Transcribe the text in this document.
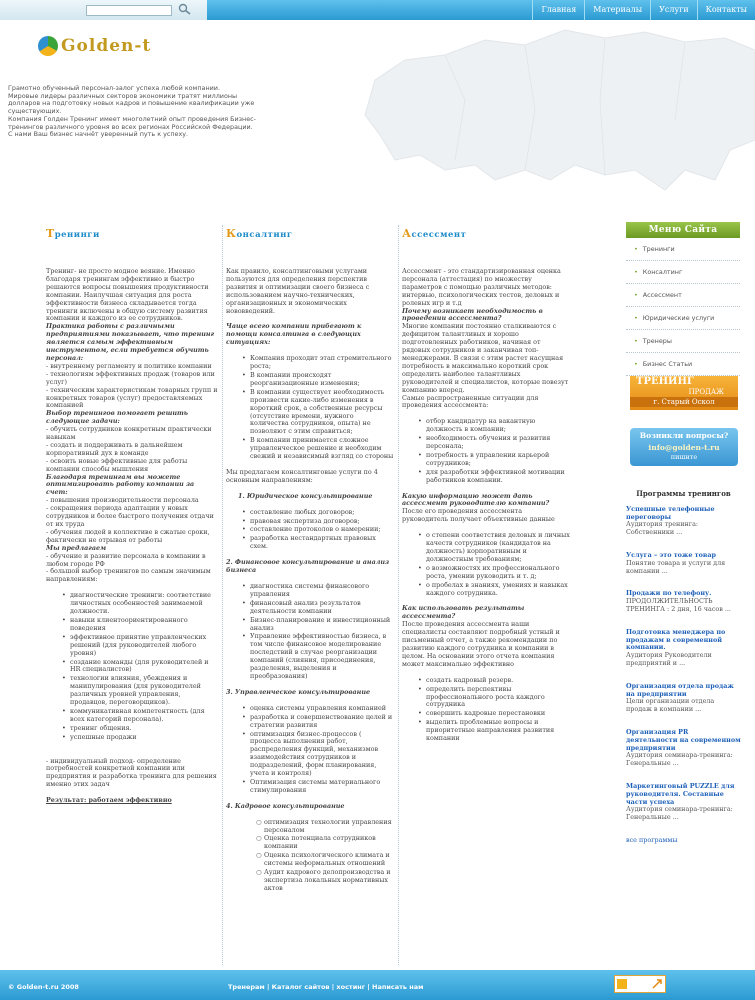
Главная	Материалы	Услуги	Контакты
Golden-t

Грамотно обученный персонал-залог успеха любой компании.

Мировые лидеры различных секторов экономики тратят миллионы долларов на подготовку новых кадров и повышение квалификации уже существующих.

Компания Голден Тренинг имеет многолетний опыт проведения Бизнес-тренингов различного уровня во всех регионах Российской Федерации. С нами Ваш бизнес начнёт уверенный путь к успеху.

Тренинги

Тренинг- не просто модное веяние. Именно благодаря тренингам эффективно и быстро решаются вопросы повышения продуктивности компании. Наилучшая ситуация для роста эффективности бизнеса складывается тогда тренинги включены в общую систему развития компании и каждого из ее сотрудников.

Практика работы с различными предприятиями показывает, что тренинг является самым эффективным инструментом, если требуется обучить персонал:

- внутреннему регламенту и политике компании

- технологиям эффективных продаж (товаров или услуг)

- техническим характеристикам товарных групп и конкретных товаров (услуг) предоставляемых компанией

Выбор тренингов помогает решить следующие задачи:

- обучить сотрудников конкретным практически навыкам

- создать и поддерживать в дальнейшем корпоративный дух в команде

- освоить новые эффективные для работы компании способы мышления

Благодаря тренингам вы можете оптимизировать работу компании за счет:

- повышения производительности персонала

- сокращения периода адаптации у новых сотрудников и более быстрого получения отдачи от их труда

- обучения людей в коллективе в сжатые сроки, фактически не отрывая от работы

Мы предлагаем

- обучение и развитие персонала в компании в любом городе РФ

- большой выбор тренингов по самым значимым направлениям:

• диагностические тренинги: соответствие личностных особенностей занимаемой должности.
• навыки клиентоориентированного поведения
• эффективное принятие управленческих решений (для руководителей любого уровня)
• создание команды (для руководителей и HR специалистов)
• технологии влияния, убеждения и манипулирования (для руководителей различных уровней управления, продавцов, переговорщиков).
• коммуникативная компетентность (для всех категорий персонала).
• тренинг общения.
• успешные продажи

- индивидуальный подход- определение потребностей конкретной компании или предприятия и разработка тренинга для решения именно этих задач

Результат: работаем эффективно

Консалтинг

Как правило, консалтинговыми услугами пользуются для определения перспектив развития и оптимизации своего бизнеса с использованием научно-технических, организационных и экономических нововведений.

Чаще всего компании прибегают к помощи консалтинга в следующих ситуациях:

• Компания проходит этап стремительного роста;
• В компании происходят реорганизационные изменения;
• В компании существует необходимость произвести какие-либо изменения в короткий срок, а собственные ресурсы (отсутствие времени, нужного количества сотрудников, опыта) не позволяют с этим справиться;
• В компании принимается сложное управленческое решение и необходим свежий и независимый взгляд со стороны

Мы предлагаем консалтинговые услуги по 4 основным направлениям:

1. Юридическое консультирование

• составление любых договоров;
• правовая экспертиза договоров;
• составление протоколов о намерении;
• разработка нестандартных правовых схем.

2. Финансовое консультирование и анализ бизнеса

• диагностика системы финансового управления
• финансовый анализ результатов деятельности компании
• Бизнес-планирование и инвестиционный анализ
• Управление эффективностью бизнеса, в том числе финансовое моделирование последствий в случае реорганизации компаний (слияния, присоединения, разделения, выделения и преобразования)

3. Управленческое консультирование

• оценка системы управления компанией
• разработка и совершенствование целей и стратегии развития
• оптимизация бизнес-процессов ( процесса выполнения работ, распределения функций, механизмов взаимодействия сотрудников и подразделений, форм планирования, учета и контроля)
• Оптимизация системы материального стимулирования

4. Кадровое консультирование

○ оптимизация технологии управления персоналом
○ Оценка потенциала сотрудников компании
○ Оценка психологического климата и системы неформальных отношений
○ Аудит кадрового делопроизводства и экспертиза локальных нормативных актов
Ассессмент

Ассессмент - это стандартизированная оценка персонала (аттестация) по множеству параметров с помощью различных методов: интервью, психологических тестов, деловых и ролевых игр и т.д

Почему возникает необходимость в проведении ассессмента?

Многие компании постоянно сталкиваются с дефицитом талантливых и хорошо подготовленных работников, начиная от рядовых сотрудников и заканчивая топ-менеджерами. В связи с этим растет насущная потребность в максимально короткий срок определить наиболее талантливых руководителей и специалистов, которые повезут компанию вперед.

Самые распространенные ситуации для проведения ассессмента:

• отбор кандидатур на вакантную должность в компании;
• необходимость обучения и развития персонала;
• потребность в управлении карьерой сотрудников;
• для разработки эффективной мотивации работников компании.

Какую информацию может дать ассессмент руководителю компании?

После его проведения ассессмента руководитель получает объективные данные

• о степени соответствия деловых и личных качеств сотрудников (кандидатов на должность) корпоративным и должностным требованиям;
• о возможностях их профессионального роста, умении руководить и т. д;
• о пробелах в знаниях, умениях и навыках каждого сотрудника.

Как использовать результаты ассессмента?

После проведения ассессмента наши специалисты составляют подробный устный и письменный отчет, а также рекомендации по развитию каждого сотрудника и компании в целом. На основании этого отчета компания может максимально эффективно

• создать кадровый резерв.
• определить перспективы профессионального роста каждого сотрудника
• совершить кадровые перестановки
• выделить проблемные вопросы и приоритетные направления развития компании
Меню Сайта
• Тренинги
• Консалтинг
• Ассессмент
• Юридические услуги
• Тренеры
• Бизнес Статьи
ТРЕНИНГ
ПРОДАЖ
г. Старый Оскол
Возникли вопросы?
info@golden-t.ru
пишите
Программы тренингов
Успешные телефонные переговоры
Аудитория тренинга: Собственники ...
Услуга – это тоже товар
Понятие товара и услуги для компании ...
Продажи по телефону.
ПРОДОЛЖИТЕЛЬНОСТЬ ТРЕНИНГА : 2 дня, 16 часов ...
Подготовка менеджера по продажам в современной компании.
Аудитория Руководители предприятий и ...
Организация отдела продаж на предприятии
Цели организации отдела продаж в компании ...
Организация PR деятельности на современном предприятии
Аудитория семинара-тренинга: Генеральные ...
Маркетинговый PUZZLE для руководителя. Составные части успеха
Аудитория семинара-тренинга: Генеральные ...
все программы
© Golden-t.ru 2008	Тренерам | Каталог сайтов | хостинг | Написать нам
